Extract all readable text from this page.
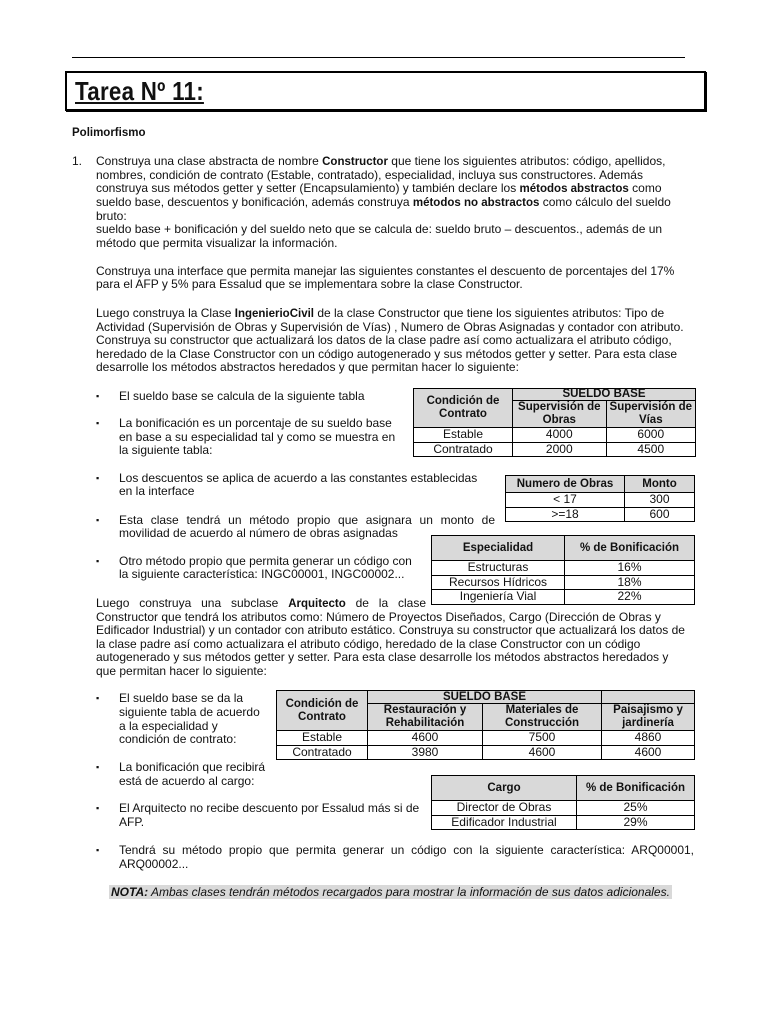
Tarea Nº 11:
Polimorfismo
1. Construya una clase abstracta de nombre Constructor que tiene los siguientes atributos: código, apellidos,
nombres, condición de contrato (Estable, contratado), especialidad, incluya sus constructores. Además
construya sus métodos getter y setter (Encapsulamiento) y también declare los métodos abstractos como
sueldo base, descuentos y bonificación, además construya métodos no abstractos como cálculo del sueldo
bruto:
sueldo base + bonificación y del sueldo neto que se calcula de: sueldo bruto – descuentos., además de un
método que permita visualizar la información.
Construya una interface que permita manejar las siguientes constantes el descuento de porcentajes del 17%
para el AFP y 5% para Essalud que se implementara sobre la clase Constructor.
Luego construya la Clase IngenierioCivil de la clase Constructor que tiene los siguientes atributos: Tipo de
Actividad (Supervisión de Obras y Supervisión de Vías) , Numero de Obras Asignadas y contador con atributo.
Construya su constructor que actualizará los datos de la clase padre así como actualizara el atributo código,
heredado de la Clase Constructor con un código autogenerado y sus métodos getter y setter. Para esta clase
desarrolle los métodos abstractos heredados y que permitan hacer lo siguiente:
▪ El sueldo base se calcula de la siguiente tabla
▪ La bonificación es un porcentaje de su sueldo base
en base a su especialidad tal y como se muestra en
la siguiente tabla:
▪ Los descuentos se aplica de acuerdo a las constantes establecidas
en la interface
▪ Esta clase tendrá un método propio que asignara un monto de
movilidad de acuerdo al número de obras asignadas
▪ Otro método propio que permita generar un código con
la siguiente característica: INGC00001, INGC00002...
Condición de Contrato	SUELDO BASE	
	Supervisión de Obras	Supervisión de Vías
Estable	4000	6000
Contratado	2000	4500
Numero de Obras	Monto
< 17	300
>=18	600
Especialidad	% de Bonificación
Estructuras	16%
Recursos Hídricos	18%
Ingeniería Vial	22%
Luego construya una subclase Arquitecto de la clase
Constructor que tendrá los atributos como: Número de Proyectos Diseñados, Cargo (Dirección de Obras y
Edificador Industrial) y un contador con atributo estático. Construya su constructor que actualizará los datos de
la clase padre así como actualizara el atributo código, heredado de la clase Constructor con un código
autogenerado y sus métodos getter y setter. Para esta clase desarrolle los métodos abstractos heredados y
que permitan hacer lo siguiente:
▪ El sueldo base se da la
siguiente tabla de acuerdo
a la especialidad y
condición de contrato:
▪ La bonificación que recibirá
está de acuerdo al cargo:
▪ El Arquitecto no recibe descuento por Essalud más si de
AFP.
▪ Tendrá su método propio que permita generar un código con la siguiente característica: ARQ00001,
ARQ00002...
Condición de Contrato	SUELDO BASE		
	Restauración y Rehabilitación	Materiales de Construcción	Paisajismo y jardinería
Estable	4600	7500	4860
Contratado	3980	4600	4600
Cargo	% de Bonificación
Director de Obras	25%
Edificador Industrial	29%
NOTA: Ambas clases tendrán métodos recargados para mostrar la información de sus datos adicionales.
